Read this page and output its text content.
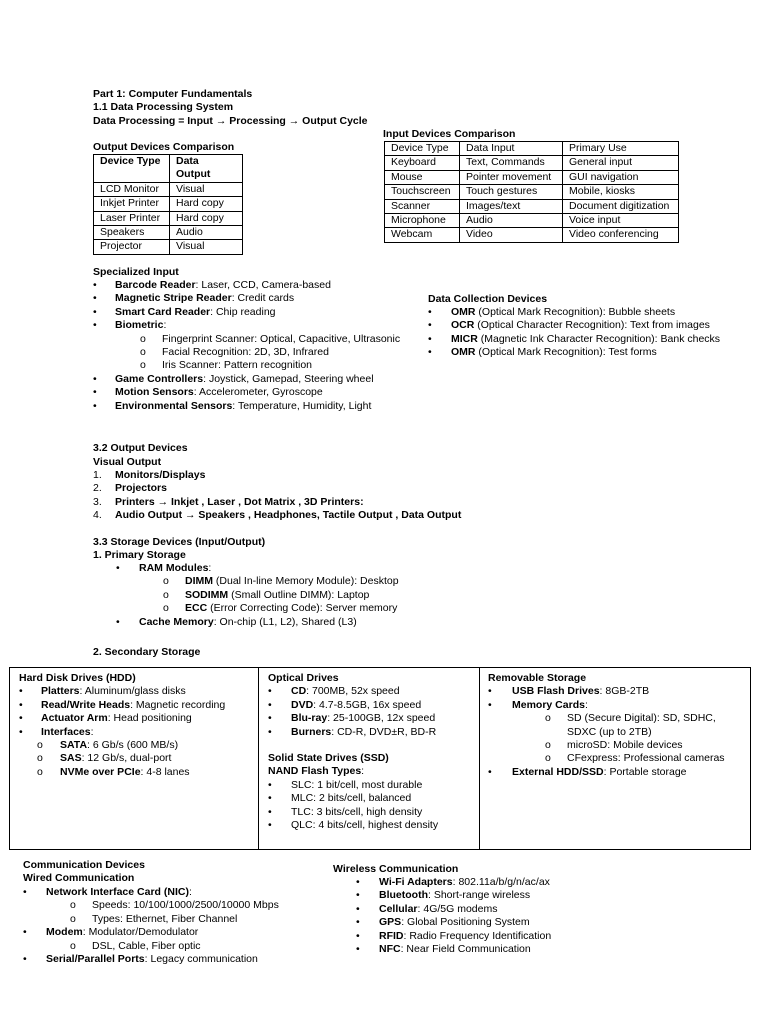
Part 1: Computer Fundamentals
1.1 Data Processing System
Data Processing = Input → Processing → Output Cycle
Output Devices Comparison
Device Type	Data Output
LCD Monitor	Visual
Inkjet Printer	Hard copy
Laser Printer	Hard copy
Speakers	Audio
Projector	Visual
Input Devices Comparison
Device Type	Data Input	Primary Use
Keyboard	Text, Commands	General input
Mouse	Pointer movement	GUI navigation
Touchscreen	Touch gestures	Mobile, kiosks
Scanner	Images/text	Document digitization
Microphone	Audio	Voice input
Webcam	Video	Video conferencing
Specialized Input
• Barcode Reader: Laser, CCD, Camera-based
• Magnetic Stripe Reader: Credit cards
• Smart Card Reader: Chip reading
• Biometric:
o Fingerprint Scanner: Optical, Capacitive, Ultrasonic
o Facial Recognition: 2D, 3D, Infrared
o Iris Scanner: Pattern recognition
• Game Controllers: Joystick, Gamepad, Steering wheel
• Motion Sensors: Accelerometer, Gyroscope
• Environmental Sensors: Temperature, Humidity, Light
Data Collection Devices
• OMR (Optical Mark Recognition): Bubble sheets
• OCR (Optical Character Recognition): Text from images
• MICR (Magnetic Ink Character Recognition): Bank checks
• OMR (Optical Mark Recognition): Test forms
3.2 Output Devices
Visual Output
1. Monitors/Displays
2. Projectors
3. Printers → Inkjet , Laser , Dot Matrix , 3D Printers:
4. Audio Output → Speakers , Headphones, Tactile Output , Data Output
3.3 Storage Devices (Input/Output)
1. Primary Storage
• RAM Modules:
o DIMM (Dual In-line Memory Module): Desktop
o SODIMM (Small Outline DIMM): Laptop
o ECC (Error Correcting Code): Server memory
• Cache Memory: On-chip (L1, L2), Shared (L3)
2. Secondary Storage
Hard Disk Drives (HDD)
• Platters: Aluminum/glass disks
• Read/Write Heads: Magnetic recording
• Actuator Arm: Head positioning
• Interfaces:
o SATA: 6 Gb/s (600 MB/s)
o SAS: 12 Gb/s, dual-port
o NVMe over PCIe: 4-8 lanes
Optical Drives
• CD: 700MB, 52x speed
• DVD: 4.7-8.5GB, 16x speed
• Blu-ray: 25-100GB, 12x speed
• Burners: CD-R, DVD±R, BD-R
Solid State Drives (SSD)
NAND Flash Types:
• SLC: 1 bit/cell, most durable
• MLC: 2 bits/cell, balanced
• TLC: 3 bits/cell, high density
• QLC: 4 bits/cell, highest density
Removable Storage
• USB Flash Drives: 8GB-2TB
• Memory Cards:
o SD (Secure Digital): SD, SDHC, SDXC (up to 2TB)
o microSD: Mobile devices
o CFexpress: Professional cameras
• External HDD/SSD: Portable storage
Communication Devices
Wired Communication
• Network Interface Card (NIC):
o Speeds: 10/100/1000/2500/10000 Mbps
o Types: Ethernet, Fiber Channel
• Modem: Modulator/Demodulator
o DSL, Cable, Fiber optic
• Serial/Parallel Ports: Legacy communication
Wireless Communication
• Wi-Fi Adapters: 802.11a/b/g/n/ac/ax
• Bluetooth: Short-range wireless
• Cellular: 4G/5G modems
• GPS: Global Positioning System
• RFID: Radio Frequency Identification
• NFC: Near Field Communication
